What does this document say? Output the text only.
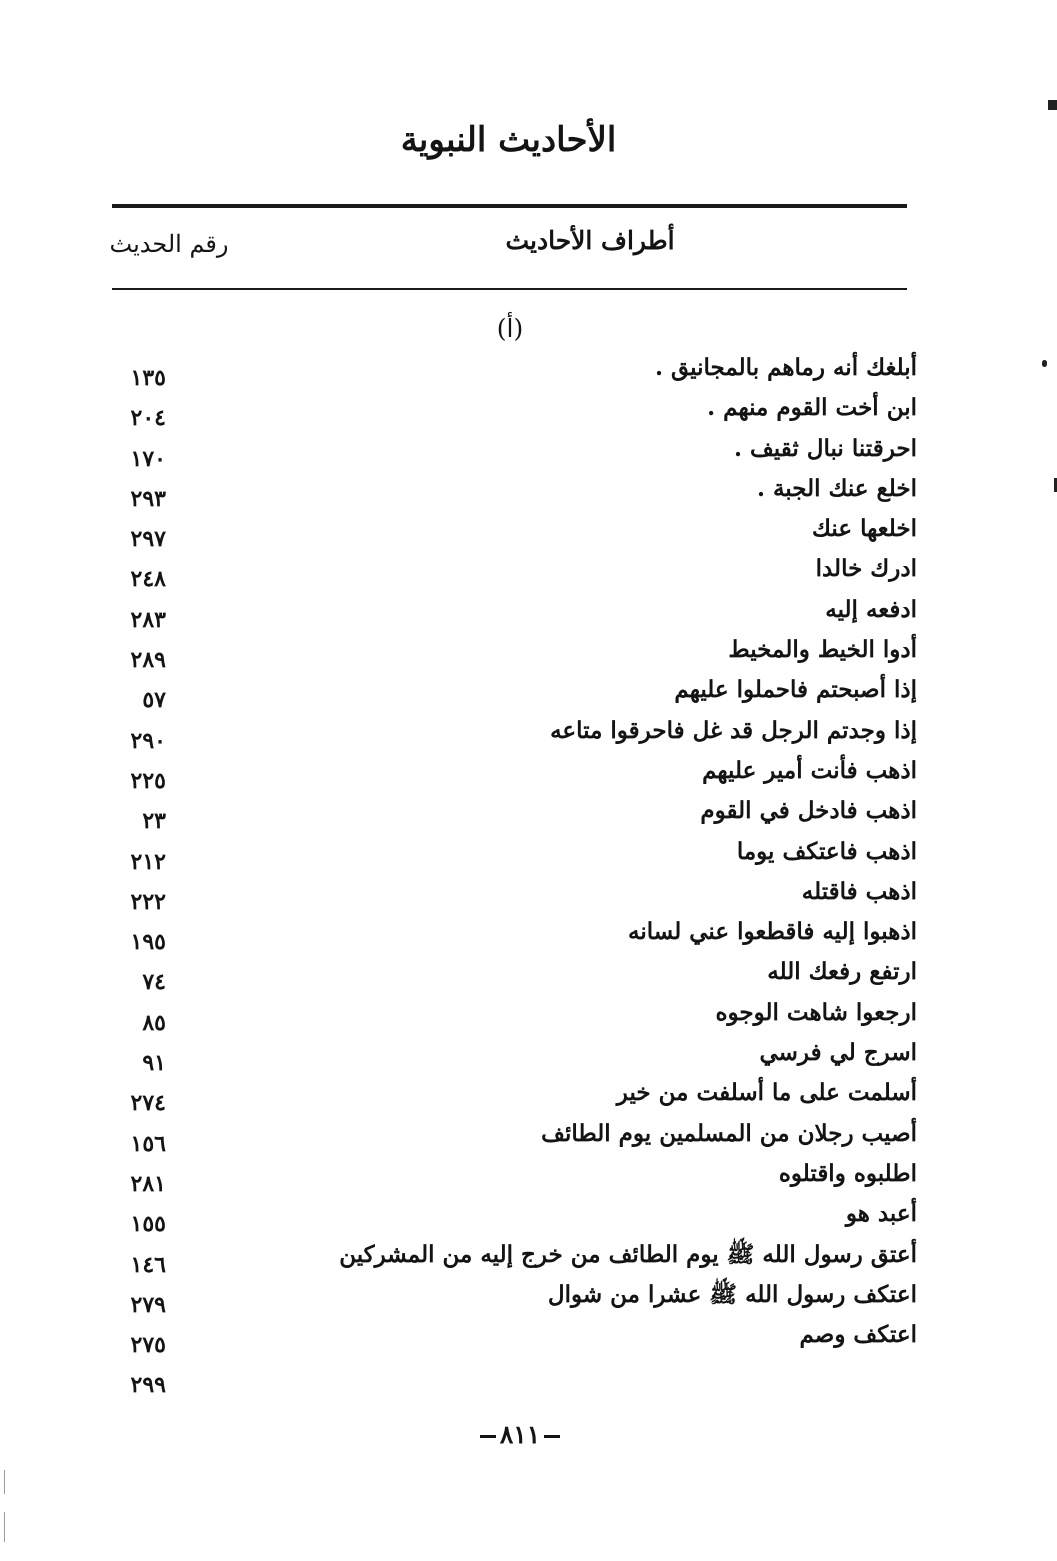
الأحاديث النبوية
أطراف الأحاديث
رقم الحديث
(أ)
أبلغك أنه رماهم بالمجانيق .
١٣٥
ابن أخت القوم منهم .
٢٠٤
احرقتنا نبال ثقيف .
١٧٠
اخلع عنك الجبة .
٢٩٣
اخلعها عنك
٢٩٧
ادرك خالدا
٢٤٨
ادفعه إليه
٢٨٣
أدوا الخيط والمخيط
٢٨٩
إذا أصبحتم فاحملوا عليهم
٥٧
إذا وجدتم الرجل قد غل فاحرقوا متاعه
٢٩٠
اذهب فأنت أمير عليهم
٢٢٥
اذهب فادخل في القوم
٢٣
اذهب فاعتكف يوما
٢١٢
اذهب فاقتله
٢٢٢
اذهبوا إليه فاقطعوا عني لسانه
١٩٥
ارتفع رفعك الله
٧٤
ارجعوا شاهت الوجوه
٨٥
اسرج لي فرسي
٩١
أسلمت على ما أسلفت من خير
٢٧٤
أصيب رجلان من المسلمين يوم الطائف
١٥٦
اطلبوه واقتلوه
٢٨١
أعبد هو
١٥٥
أعتق رسول الله ﷺ يوم الطائف من خرج إليه من المشركين
١٤٦
اعتكف رسول الله ﷺ عشرا من شوال
٢٧٩
اعتكف وصم
٢٧٥
٢٩٩
٨١١
